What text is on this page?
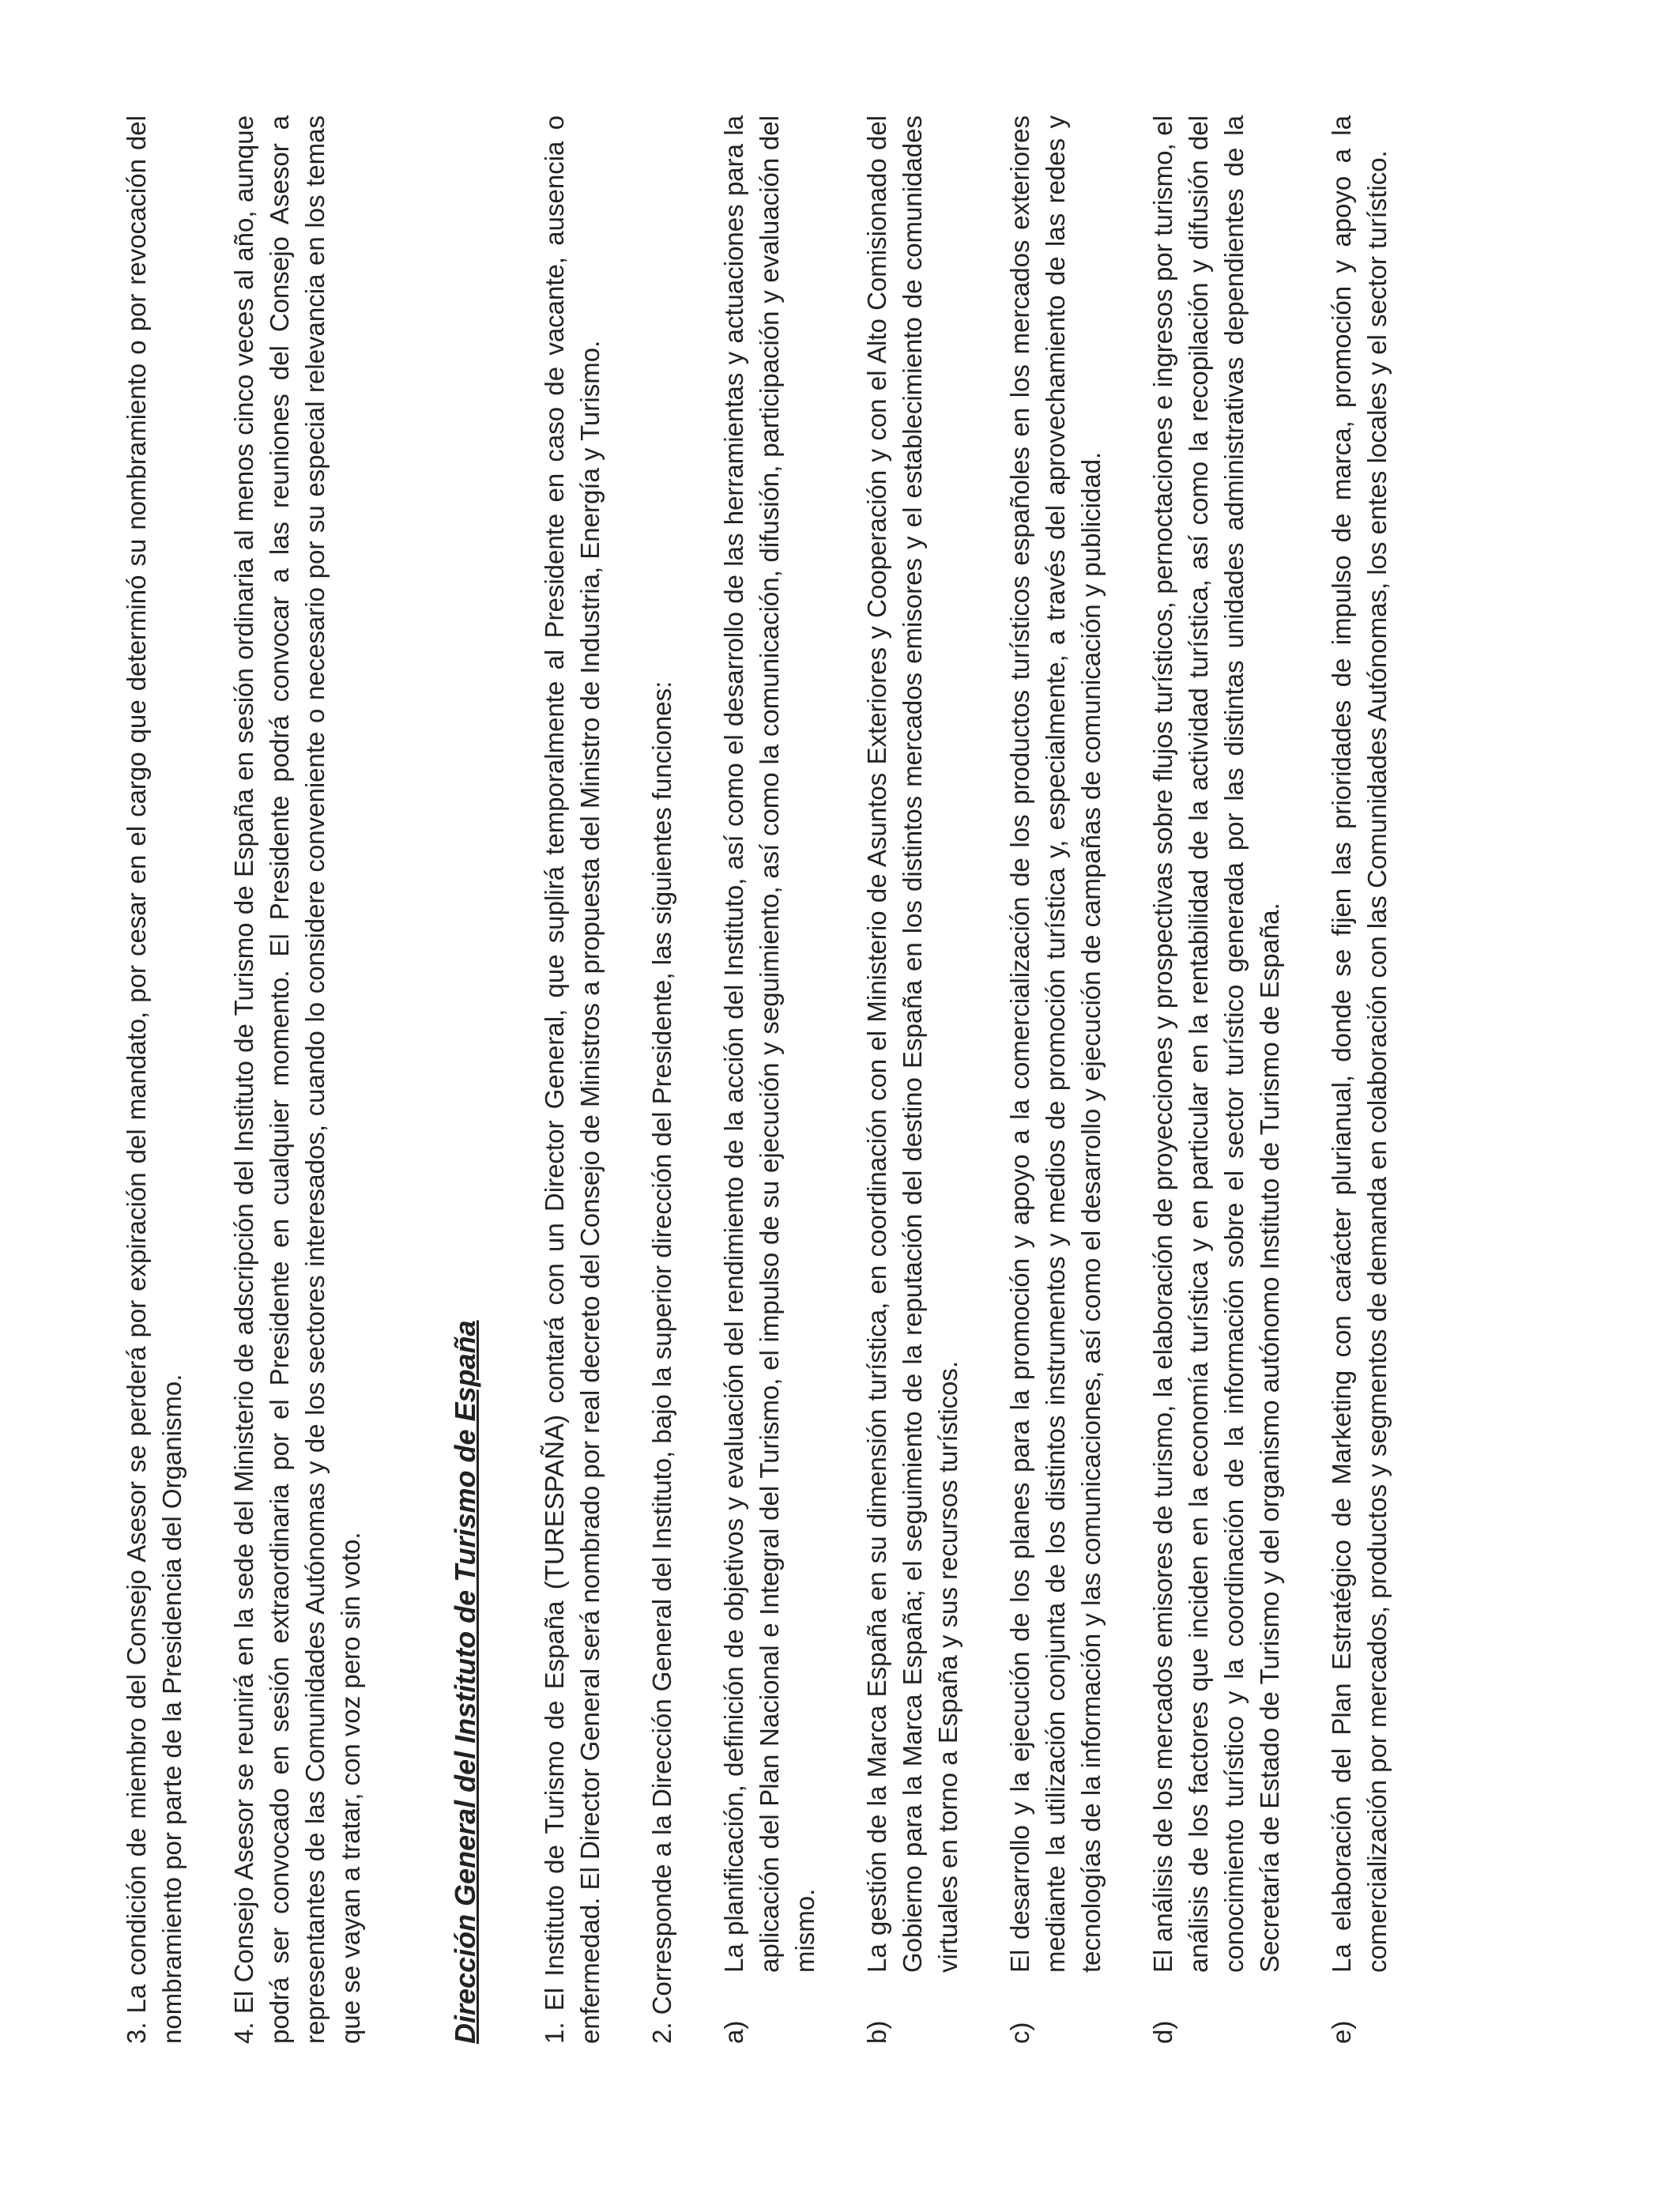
3. La condición de miembro del Consejo Asesor se perderá por expiración del mandato, por cesar en el cargo que determinó su nombramiento o por revocación del nombramiento por parte de la Presidencia del Organismo. 4. El Consejo Asesor se reunirá en la sede del Ministerio de adscripción del Instituto de Turismo de España en sesión ordinaria al menos cinco veces al año, aunque podrá ser convocado en sesión extraordinaria por el Presidente en cualquier momento. El Presidente podrá convocar a las reuniones del Consejo Asesor a representantes de las Comunidades Autónomas y de los sectores interesados, cuando lo considere conveniente o necesario por su especial relevancia en los temas que se vayan a tratar, con voz pero sin voto.	Dirección General del Instituto de Turismo de España 1. El Instituto de Turismo de España (TURESPAÑA) contará con un Director General, que suplirá temporalmente al Presidente en caso de vacante, ausencia o enfermedad. El Director General será nombrado por real decreto del Consejo de Ministros a propuesta del Ministro de Industria, Energía y Turismo. 2. Corresponde a la Dirección General del Instituto, bajo la superior dirección del Presidente, las siguientes funciones: a)
La planificación, definición de objetivos y evaluación del rendimiento de la acción del Instituto, así como el desarrollo de las herramientas y actuaciones para la aplicación del Plan Nacional e Integral del Turismo, el impulso de su ejecución y seguimiento, así como la comunicación, difusión, participación y evaluación del mismo.
b)
La gestión de la Marca España en su dimensión turística, en coordinación con el Ministerio de Asuntos Exteriores y Cooperación y con el Alto Comisionado del Gobierno para la Marca España; el seguimiento de la reputación del destino España en los distintos mercados emisores y el establecimiento de comunidades virtuales en torno a España y sus recursos turísticos.
c)
El desarrollo y la ejecución de los planes para la promoción y apoyo a la comercialización de los productos turísticos españoles en los mercados exteriores mediante la utilización conjunta de los distintos instrumentos y medios de promoción turística y, especialmente, a través del aprovechamiento de las redes y tecnologías de la información y las comunicaciones, así como el desarrollo y ejecución de campañas de comunicación y publicidad.
d)
El análisis de los mercados emisores de turismo, la elaboración de proyecciones y prospectivas sobre flujos turísticos, pernoctaciones e ingresos por turismo, el análisis de los factores que inciden en la economía turística y en particular en la rentabilidad de la actividad turística, así como la recopilación y difusión del conocimiento turístico y la coordinación de la información sobre el sector turístico generada por las distintas unidades administrativas dependientes de la Secretaría de Estado de Turismo y del organismo autónomo Instituto de Turismo de España.
e)
La elaboración del Plan Estratégico de Marketing con carácter plurianual, donde se fijen las prioridades de impulso de marca, promoción y apoyo a la comercialización por mercados, productos y segmentos de demanda en colaboración con las Comunidades Autónomas, los entes locales y el sector turístico.
